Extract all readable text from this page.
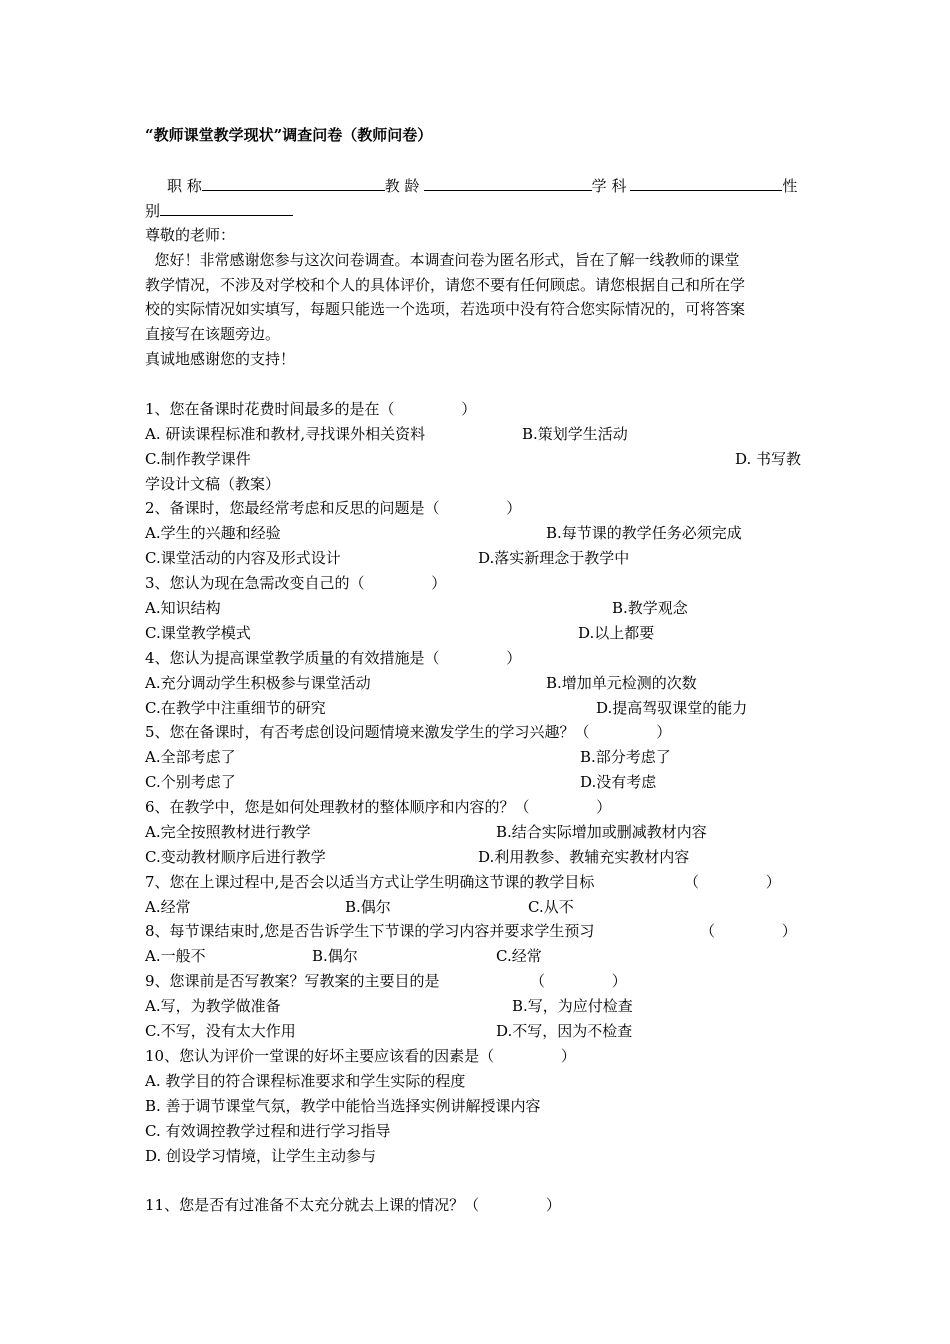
“教师课堂教学现状”调查问卷（教师问卷）
职 称	教 龄	学 科	性
别
尊敬的老师：
您好！非常感谢您参与这次问卷调查。本调查问卷为匿名形式，旨在了解一线教师的课堂
教学情况，不涉及对学校和个人的具体评价，请您不要有任何顾虑。请您根据自己和所在学
校的实际情况如实填写，每题只能选一个选项，若选项中没有符合您实际情况的，可将答案
直接写在该题旁边。
真诚地感谢您的支持！
1、您在备课时花费时间最多的是在（              ）
A. 研读课程标准和教材,寻找课外相关资料	B.策划学生活动
C.制作教学课件	D. 书写教
学设计文稿（教案）
2、备课时，您最经常考虑和反思的问题是（              ）
A.学生的兴趣和经验	B.每节课的教学任务必须完成
C.课堂活动的内容及形式设计	D.落实新理念于教学中
3、您认为现在急需改变自己的（              ）
A.知识结构	B.教学观念
C.课堂教学模式	D.以上都要
4、您认为提高课堂教学质量的有效措施是（              ）
A.充分调动学生积极参与课堂活动	B.增加单元检测的次数
C.在教学中注重细节的研究	D.提高驾驭课堂的能力
5、您在备课时，有否考虑创设问题情境来激发学生的学习兴趣？（              ）
A.全部考虑了	B.部分考虑了
C.个别考虑了	D.没有考虑
6、在教学中，您是如何处理教材的整体顺序和内容的？（              ）
A.完全按照教材进行教学	B.结合实际增加或删减教材内容
C.变动教材顺序后进行教学	D.利用教参、教辅充实教材内容
7、您在上课过程中,是否会以适当方式让学生明确这节课的教学目标	（              ）
A.经常	B.偶尔	C.从不
8、每节课结束时,您是否告诉学生下节课的学习内容并要求学生预习	（              ）
A.一般不	B.偶尔	C.经常
9、您课前是否写教案？写教案的主要目的是	（              ）
A.写，为教学做准备	B.写，为应付检查
C.不写，没有太大作用	D.不写，因为不检查
10、您认为评价一堂课的好坏主要应该看的因素是（              ）
A. 教学目的符合课程标准要求和学生实际的程度
B. 善于调节课堂气氛，教学中能恰当选择实例讲解授课内容
C. 有效调控教学过程和进行学习指导
D. 创设学习情境，让学生主动参与
11、您是否有过准备不太充分就去上课的情况？（              ）
